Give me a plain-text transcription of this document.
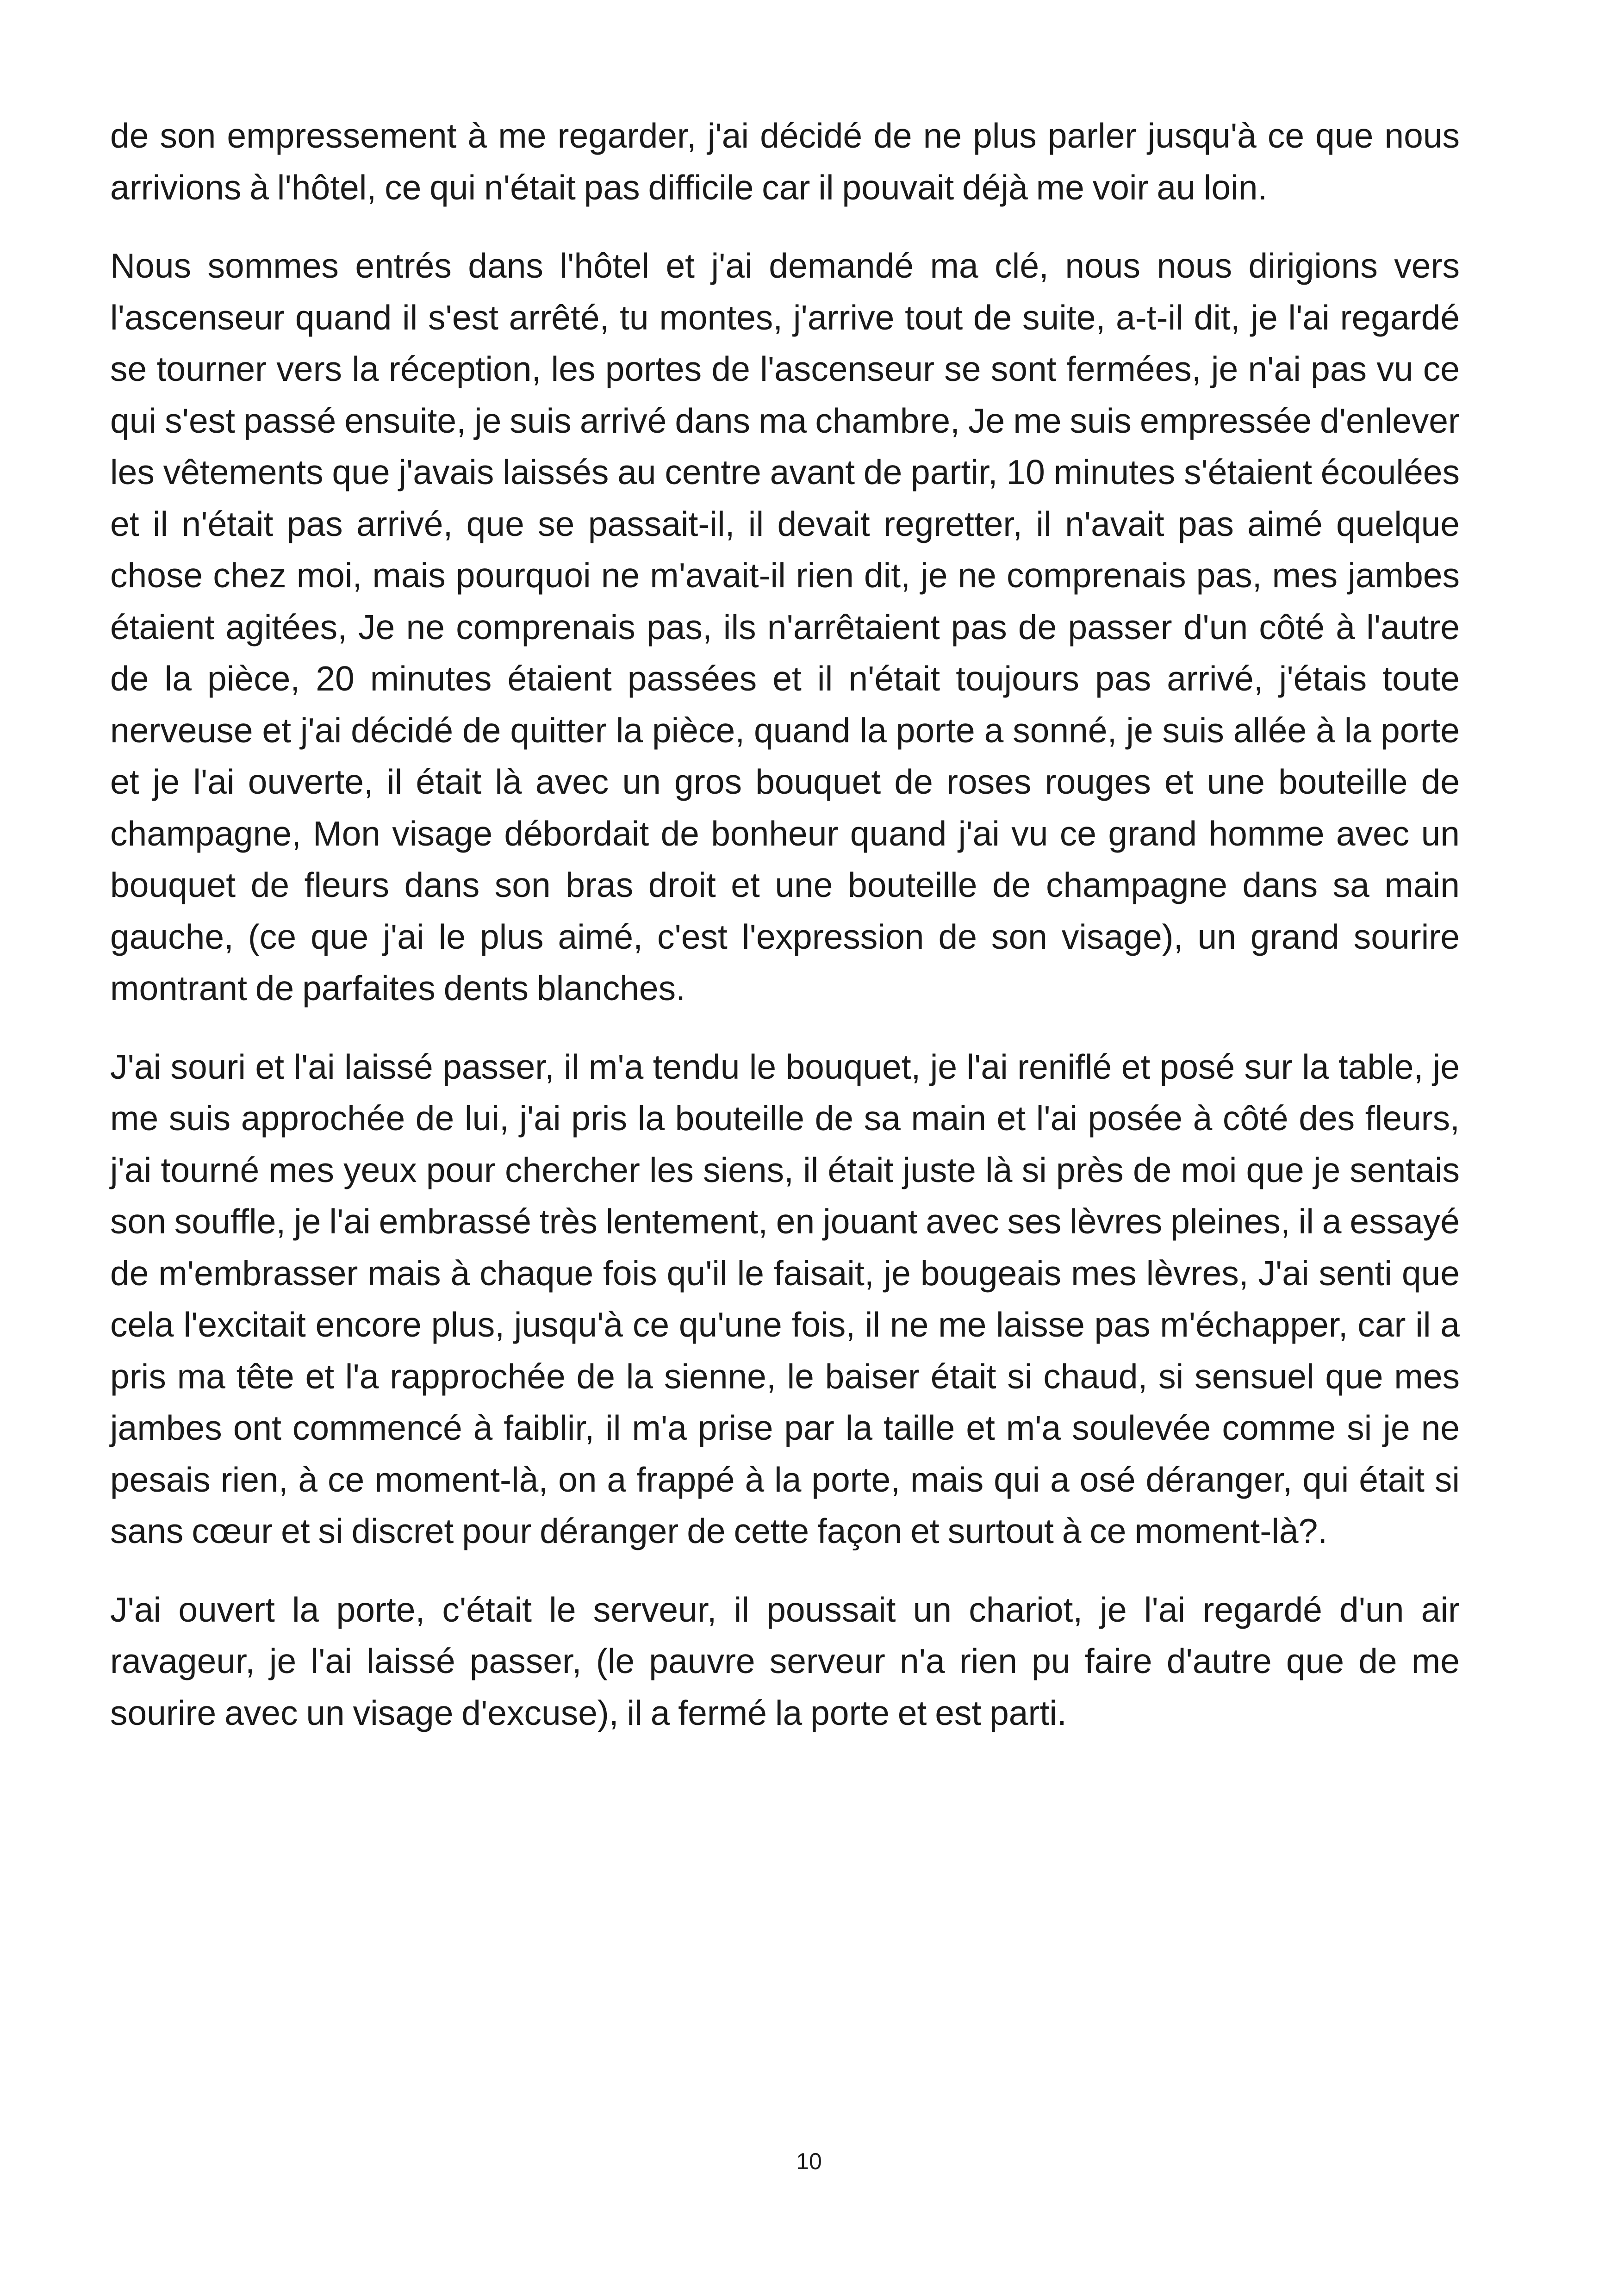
de son empressement à me regarder, j'ai décidé de ne plus parler jusqu'à ce que nous arrivions à l'hôtel, ce qui n'était pas difficile car il pouvait déjà me voir au loin.

Nous sommes entrés dans l'hôtel et j'ai demandé ma clé, nous nous dirigions vers l'ascenseur quand il s'est arrêté, tu montes, j'arrive tout de suite, a-t-il dit, je l'ai regardé se tourner vers la réception, les portes de l'ascenseur se sont fermées, je n'ai pas vu ce qui s'est passé ensuite, je suis arrivé dans ma chambre, Je me suis empressée d'enlever les vêtements que j'avais laissés au centre avant de partir, 10 minutes s'étaient écoulées et il n'était pas arrivé, que se passait-il, il devait regretter, il n'avait pas aimé quelque chose chez moi, mais pourquoi ne m'avait-il rien dit, je ne comprenais pas, mes jambes étaient agitées, Je ne comprenais pas, ils n'arrêtaient pas de passer d'un côté à l'autre de la pièce, 20 minutes étaient passées et il n'était toujours pas arrivé, j'étais toute nerveuse et j'ai décidé de quitter la pièce, quand la porte a sonné, je suis allée à la porte et je l'ai ouverte, il était là avec un gros bouquet de roses rouges et une bouteille de champagne, Mon visage débordait de bonheur quand j'ai vu ce grand homme avec un bouquet de fleurs dans son bras droit et une bouteille de champagne dans sa main gauche, (ce que j'ai le plus aimé, c'est l'expression de son visage), un grand sourire montrant de parfaites dents blanches.

J'ai souri et l'ai laissé passer, il m'a tendu le bouquet, je l'ai reniflé et posé sur la table, je me suis approchée de lui, j'ai pris la bouteille de sa main et l'ai posée à côté des fleurs, j'ai tourné mes yeux pour chercher les siens, il était juste là si près de moi que je sentais son souffle, je l'ai embrassé très lentement, en jouant avec ses lèvres pleines, il a essayé de m'embrasser mais à chaque fois qu'il le faisait, je bougeais mes lèvres, J'ai senti que cela l'excitait encore plus, jusqu'à ce qu'une fois, il ne me laisse pas m'échapper, car il a pris ma tête et l'a rapprochée de la sienne, le baiser était si chaud, si sensuel que mes jambes ont commencé à faiblir, il m'a prise par la taille et m'a soulevée comme si je ne pesais rien, à ce moment-là, on a frappé à la porte, mais qui a osé déranger, qui était si sans cœur et si discret pour déranger de cette façon et surtout à ce moment-là?.

J'ai ouvert la porte, c'était le serveur, il poussait un chariot, je l'ai regardé d'un air ravageur, je l'ai laissé passer, (le pauvre serveur n'a rien pu faire d'autre que de me sourire avec un visage d'excuse), il a fermé la porte et est parti.

10
